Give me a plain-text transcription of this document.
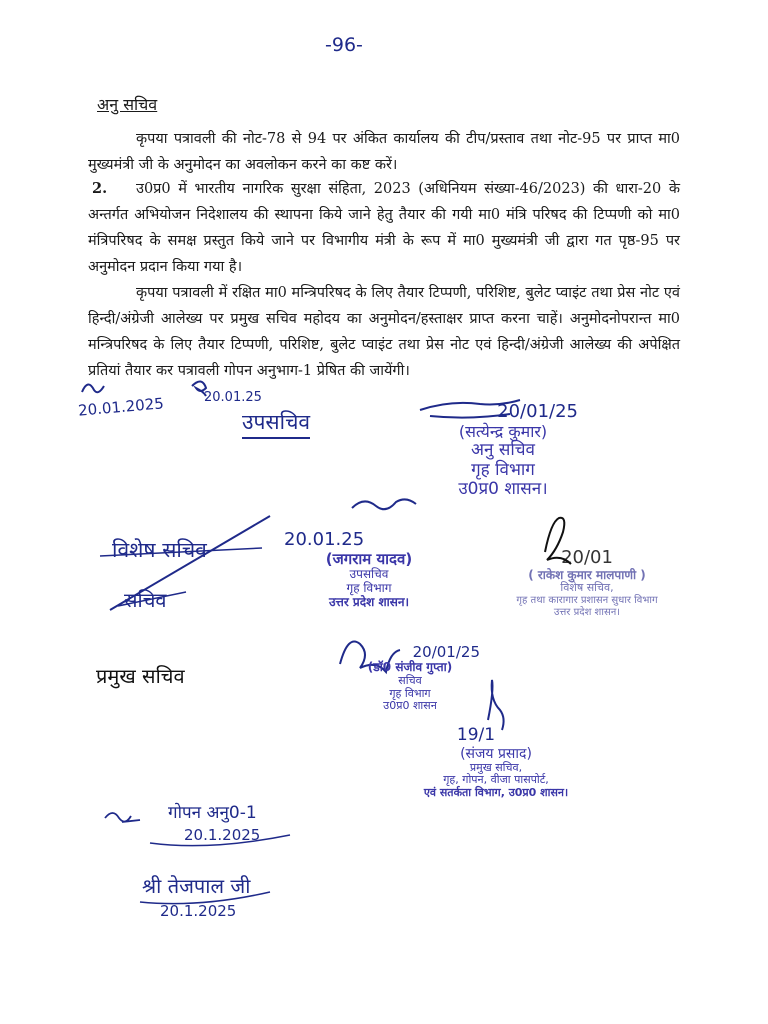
-96-
अनु सचिव
कृपया पत्रावली की नोट-78 से 94 पर अंकित कार्यालय की टीप/प्रस्ताव तथा नोट-95 पर प्राप्त मा0 मुख्यमंत्री जी के अनुमोदन का अवलोकन करने का कष्ट करें।
2.	उ0प्र0 में भारतीय नागरिक सुरक्षा संहिता, 2023 (अधिनियम संख्या-46/2023) की धारा-20 के अन्तर्गत अभियोजन निदेशालय की स्थापना किये जाने हेतु तैयार की गयी मा0 मंत्रि परिषद की टिप्पणी को मा0 मंत्रिपरिषद के समक्ष प्रस्तुत किये जाने पर विभागीय मंत्री के रूप में मा0 मुख्यमंत्री जी द्वारा गत पृष्ठ-95 पर अनुमोदन प्रदान किया गया है।
कृपया पत्रावली में रक्षित मा0 मन्त्रिपरिषद के लिए तैयार टिप्पणी, परिशिष्ट, बुलेट प्वाइंट तथा प्रेस नोट एवं हिन्दी/अंग्रेजी आलेख्य पर प्रमुख सचिव महोदय का अनुमोदन/हस्ताक्षर प्राप्त करना चाहें। अनुमोदनोपरान्त मा0 मन्त्रिपरिषद के लिए तैयार टिप्पणी, परिशिष्ट, बुलेट प्वाइंट तथा प्रेस नोट एवं हिन्दी/अंग्रेजी आलेख्य की अपेक्षित प्रतियां तैयार कर पत्रावली गोपन अनुभाग-1 प्रेषित की जायेंगी।
20.01.2025	20.01.25
उपसचिव	20/01/25
(सत्येन्द्र कुमार)
अनु सचिव
गृह विभाग
उ0प्र0 शासन।
विशेष सचिव
सचिव
प्रमुख सचिव
20.01.25
(जगराम यादव)
उपसचिव
गृह विभाग
उत्तर प्रदेश शासन।
20/01
( राकेश कुमार मालपाणी )
विशेष सचिव,
गृह तथा कारागार प्रशासन सुधार विभाग
उत्तर प्रदेश शासन।
20/01/25
(डॉ0 संजीव गुप्ता)
सचिव
गृह विभाग
उ0प्र0 शासन
19/1
(संजय प्रसाद)
प्रमुख सचिव,
गृह, गोपन, वीजा पासपोर्ट,
एवं सतर्कता विभाग, उ0प्र0 शासन।
गोपन अनु0-1
20.1.2025
श्री तेजपाल जी
20.1.2025
